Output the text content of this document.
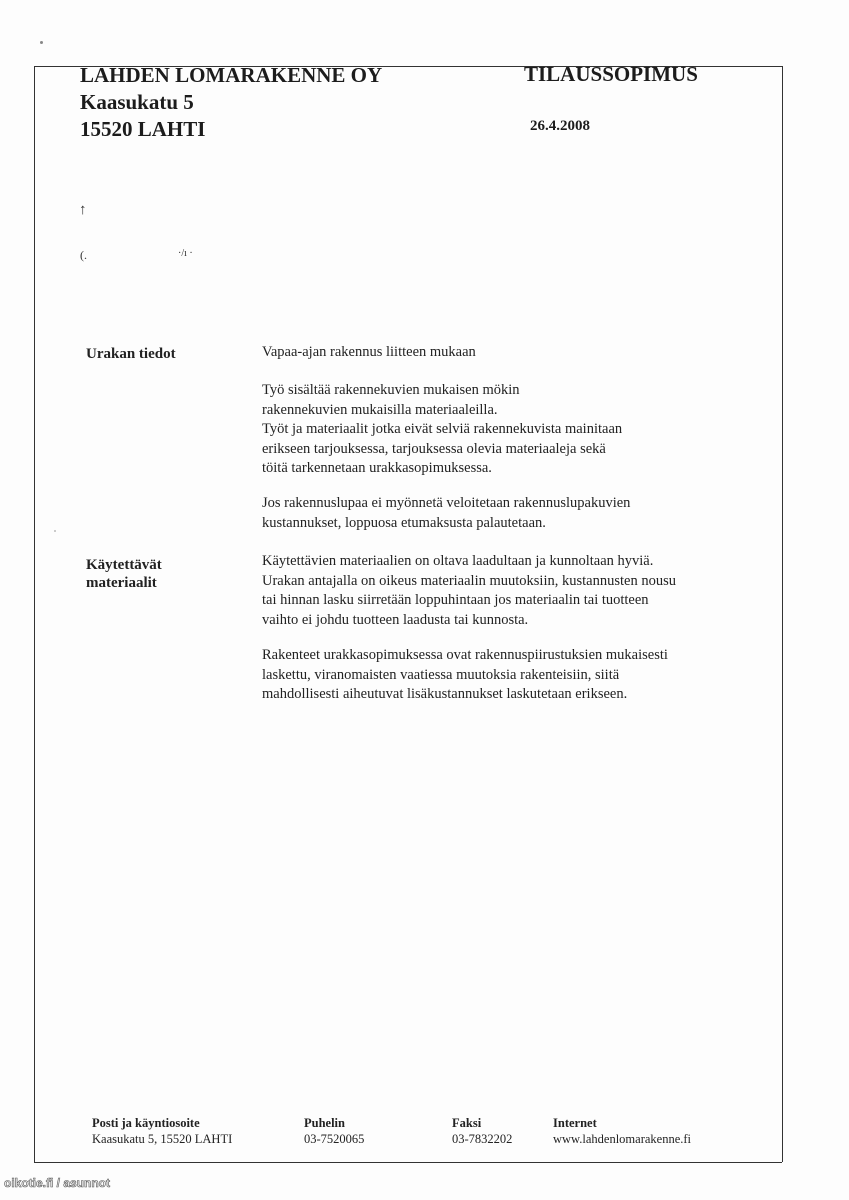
LAHDEN LOMARAKENNE OY
Kaasukatu 5
15520 LAHTI
TILAUSSOPIMUS
26.4.2008
↑
(.	·/ı ·
Urakan tiedot	Vapaa-ajan rakennus liitteen mukaan
Työ sisältää rakennekuvien mukaisen mökin
rakennekuvien mukaisilla materiaaleilla.
Työt ja materiaalit jotka eivät selviä rakennekuvista mainitaan
erikseen tarjouksessa, tarjouksessa olevia materiaaleja sekä
töitä tarkennetaan urakkasopimuksessa.
Jos rakennuslupaa ei myönnetä veloitetaan rakennuslupakuvien
kustannukset, loppuosa etumaksusta palautetaan.
Käytettävät
materiaalit
Käytettävien materiaalien on oltava laadultaan ja kunnoltaan hyviä.
Urakan antajalla on oikeus materiaalin muutoksiin, kustannusten nousu
tai hinnan lasku siirretään loppuhintaan jos materiaalin tai tuotteen
vaihto ei johdu tuotteen laadusta tai kunnosta.
Rakenteet urakkasopimuksessa ovat rakennuspiirustuksien mukaisesti
laskettu, viranomaisten vaatiessa muutoksia rakenteisiin, siitä
mahdollisesti aiheutuvat lisäkustannukset laskutetaan erikseen.
Posti ja käyntiosoite
Kaasukatu 5, 15520 LAHTI
Puhelin
03-7520065
Faksi
03-7832202
Internet
www.lahdenlomarakenne.fi
oikotie.fi / asunnot
